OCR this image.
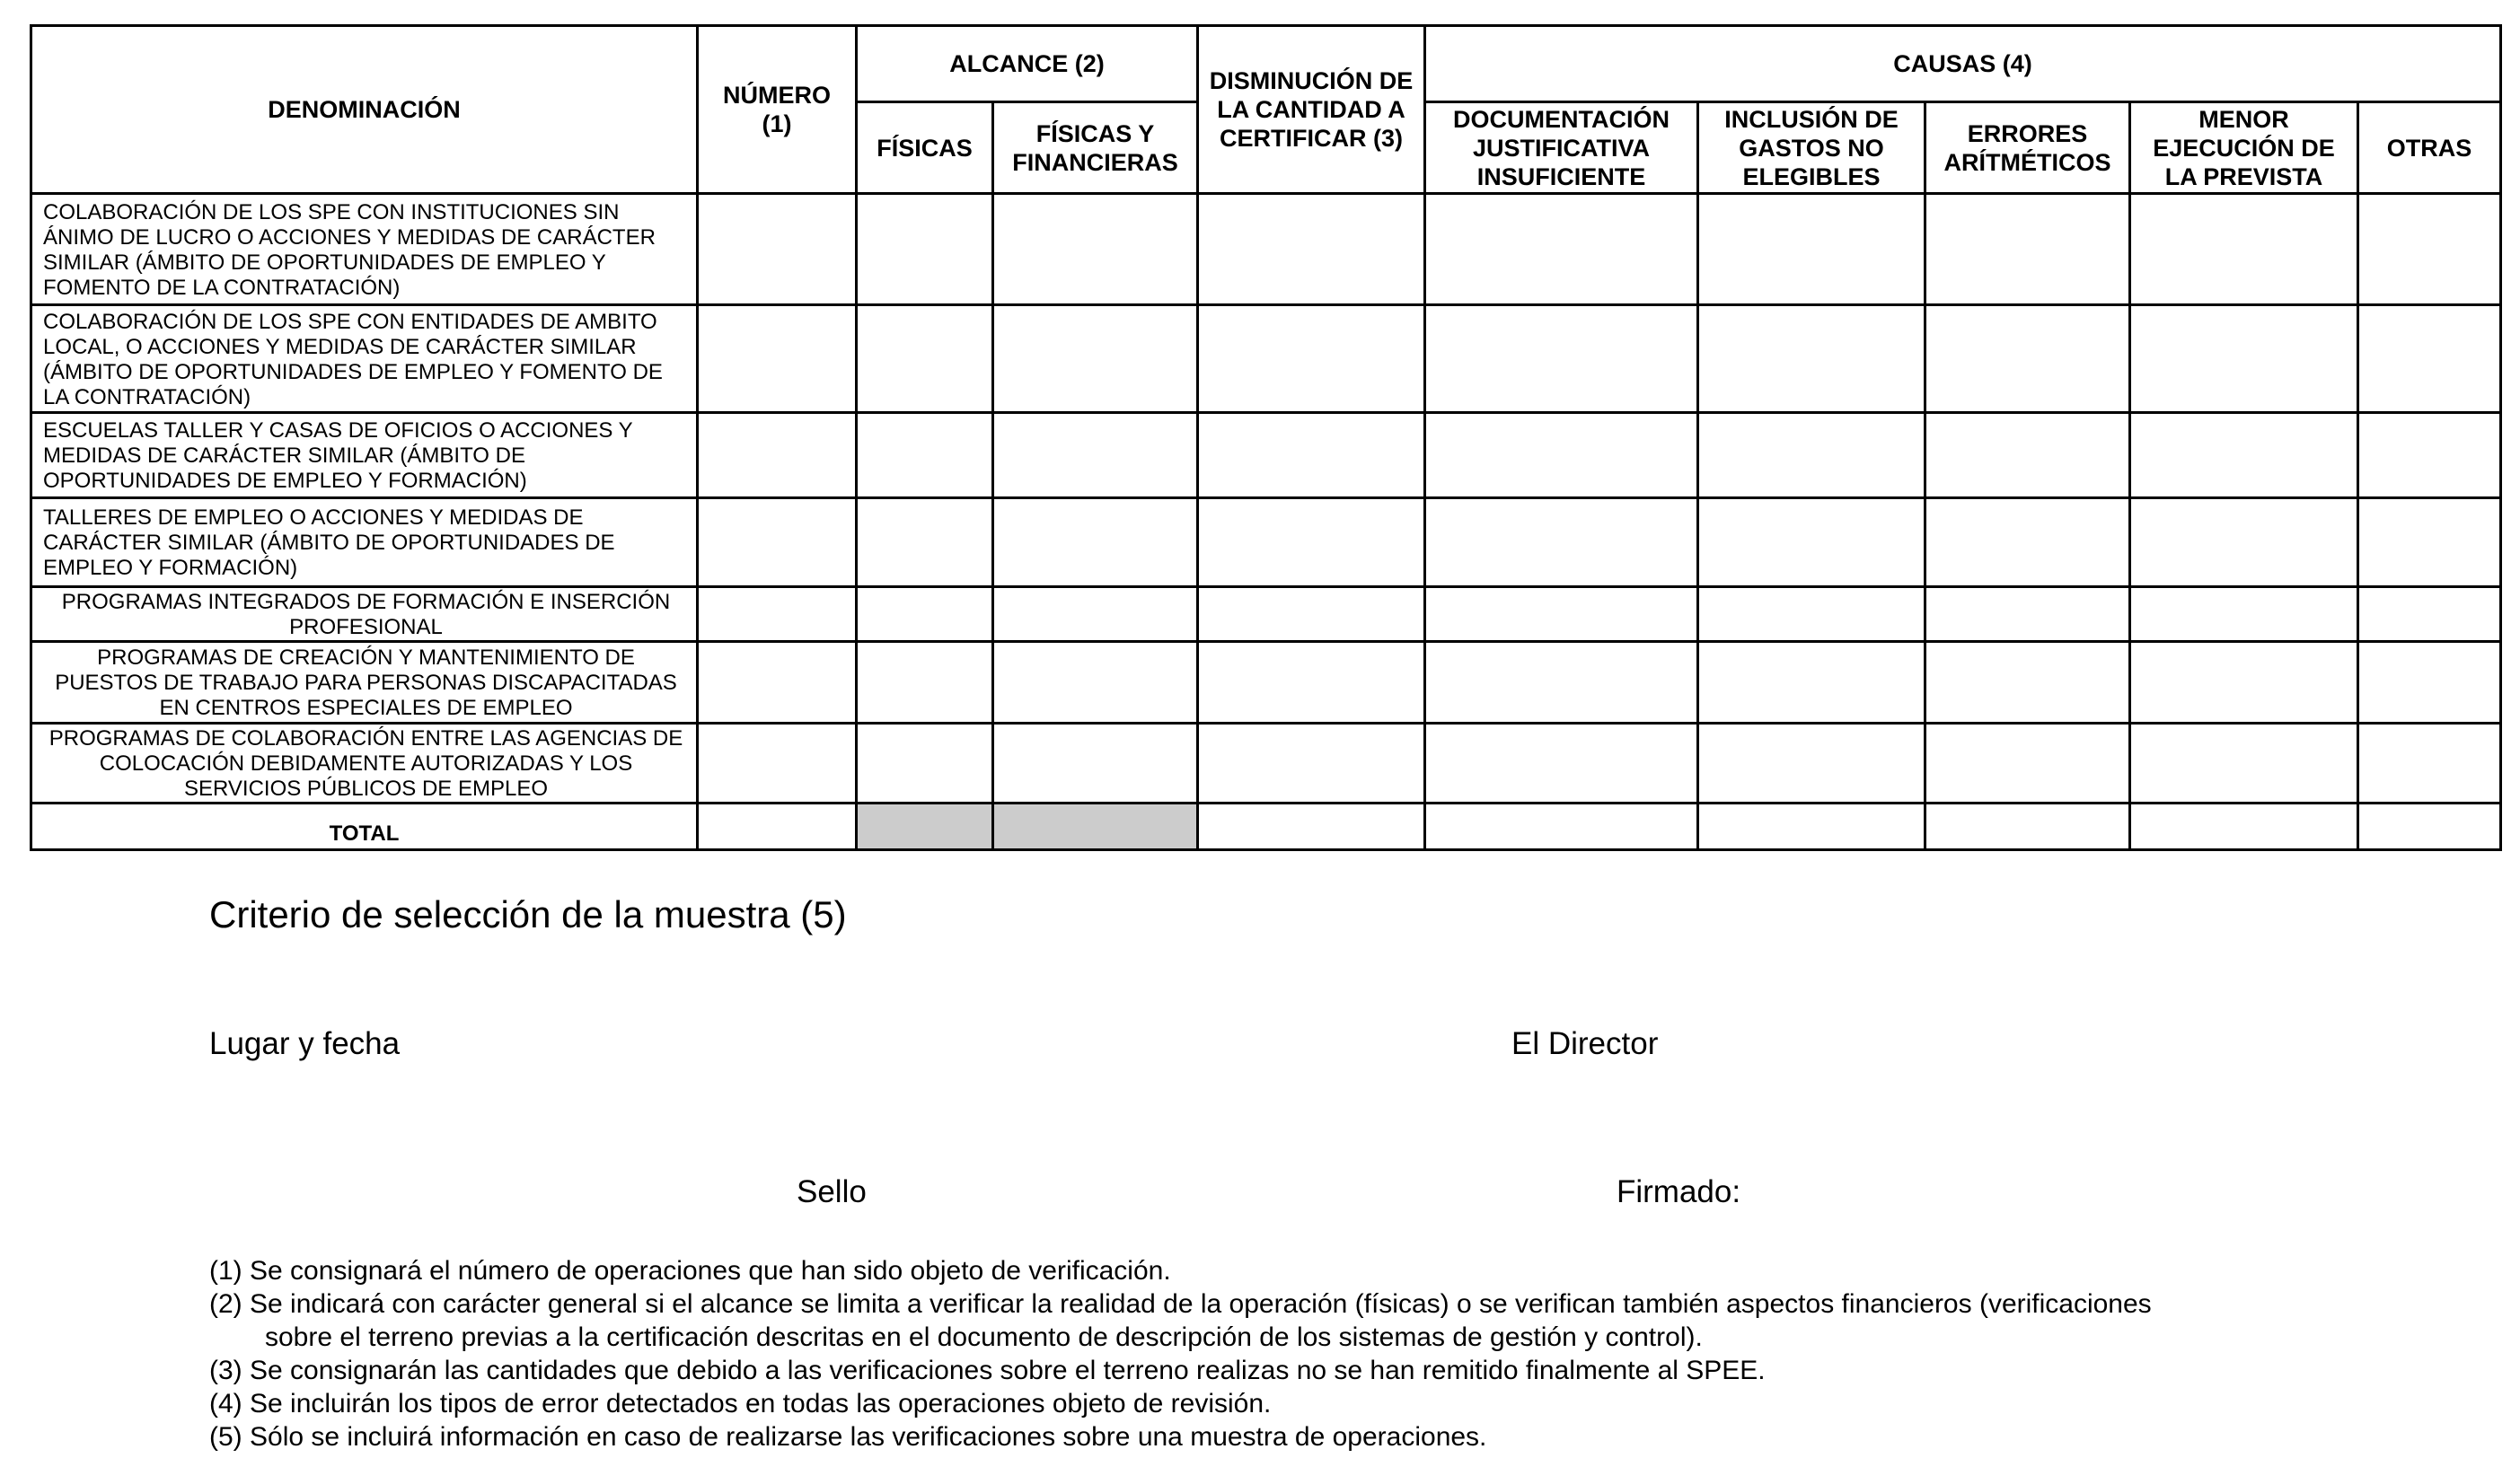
DENOMINACIÓN	NÚMERO (1)	ALCANCE (2)		DISMINUCIÓN DE LA CANTIDAD A CERTIFICAR (3)	CAUSAS (4)				
		FÍSICAS	FÍSICAS Y FINANCIERAS		DOCUMENTACIÓN JUSTIFICATIVA INSUFICIENTE	INCLUSIÓN DE GASTOS NO ELEGIBLES	ERRORES ARÍTMÉTICOS	MENOR EJECUCIÓN DE LA PREVISTA	OTRAS
COLABORACIÓN DE LOS SPE CON INSTITUCIONES SIN ÁNIMO DE LUCRO O ACCIONES Y MEDIDAS DE CARÁCTER SIMILAR (ÁMBITO DE OPORTUNIDADES DE EMPLEO Y FOMENTO DE LA CONTRATACIÓN)									
COLABORACIÓN DE LOS SPE CON ENTIDADES DE AMBITO LOCAL, O ACCIONES Y MEDIDAS DE CARÁCTER SIMILAR (ÁMBITO DE OPORTUNIDADES DE EMPLEO Y FOMENTO DE LA CONTRATACIÓN)									
ESCUELAS TALLER Y CASAS DE OFICIOS O ACCIONES Y MEDIDAS DE CARÁCTER SIMILAR (ÁMBITO DE OPORTUNIDADES DE EMPLEO Y FORMACIÓN)									
TALLERES DE EMPLEO O ACCIONES Y MEDIDAS DE CARÁCTER SIMILAR (ÁMBITO DE OPORTUNIDADES DE EMPLEO Y FORMACIÓN)									
PROGRAMAS INTEGRADOS DE FORMACIÓN E INSERCIÓN PROFESIONAL									
PROGRAMAS DE CREACIÓN Y MANTENIMIENTO DE PUESTOS DE TRABAJO PARA PERSONAS DISCAPACITADAS EN CENTROS ESPECIALES DE EMPLEO									
PROGRAMAS DE COLABORACIÓN ENTRE LAS AGENCIAS DE COLOCACIÓN DEBIDAMENTE AUTORIZADAS Y LOS SERVICIOS PÚBLICOS DE EMPLEO									
TOTAL									
Criterio de selección de la muestra (5)
Lugar y fecha	El Director
Sello	Firmado:
(1) Se consignará el número de operaciones que han sido objeto de verificación.
(2) Se indicará con carácter general si el alcance se limita a verificar la realidad de la operación (físicas) o se verifican también aspectos financieros (verificaciones
sobre el terreno previas a la certificación descritas en el documento de descripción de los sistemas de gestión y control).
(3) Se consignarán las cantidades que debido a las verificaciones sobre el terreno realizas no se han remitido finalmente al SPEE.
(4) Se incluirán los tipos de error detectados en todas las operaciones objeto de revisión.
(5) Sólo se incluirá información en caso de realizarse las verificaciones sobre una muestra de operaciones.
